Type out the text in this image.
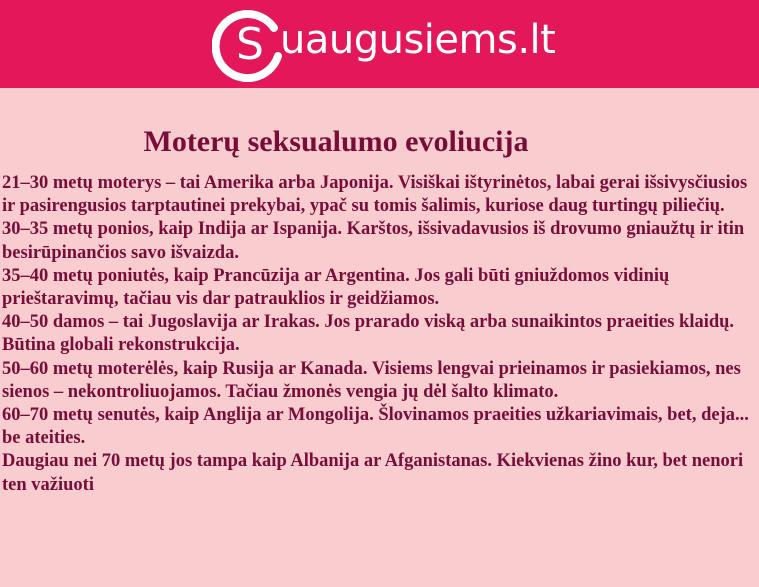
S uaugusiems.lt
Moterų seksualumo evoliucija

21–30 metų moterys – tai Amerika arba Japonija. Visiškai ištyrinėtos, labai gerai išsivysčiusios ir pasirengusios tarptautinei prekybai, ypač su tomis šalimis, kuriose daug turtingų piliečių.

30–35 metų ponios, kaip Indija ar Ispanija. Karštos, išsivadavusios iš drovumo gniaužtų ir itin besirūpinančios savo išvaizda.

35–40 metų poniutės, kaip Prancūzija ar Argentina. Jos gali būti gniuždomos vidinių prieštaravimų, tačiau vis dar patrauklios ir geidžiamos.

40–50 damos – tai Jugoslavija ar Irakas. Jos prarado viską arba sunaikintos praeities klaidų. Būtina globali rekonstrukcija.

50–60 metų moterėlės, kaip Rusija ar Kanada. Visiems lengvai prieinamos ir pasiekiamos, nes sienos – nekontroliuojamos. Tačiau žmonės vengia jų dėl šalto klimato.

60–70 metų senutės, kaip Anglija ar Mongolija. Šlovinamos praeities užkariavimais, bet, deja... be ateities.

Daugiau nei 70 metų jos tampa kaip Albanija ar Afganistanas. Kiekvienas žino kur, bet nenori ten važiuoti
